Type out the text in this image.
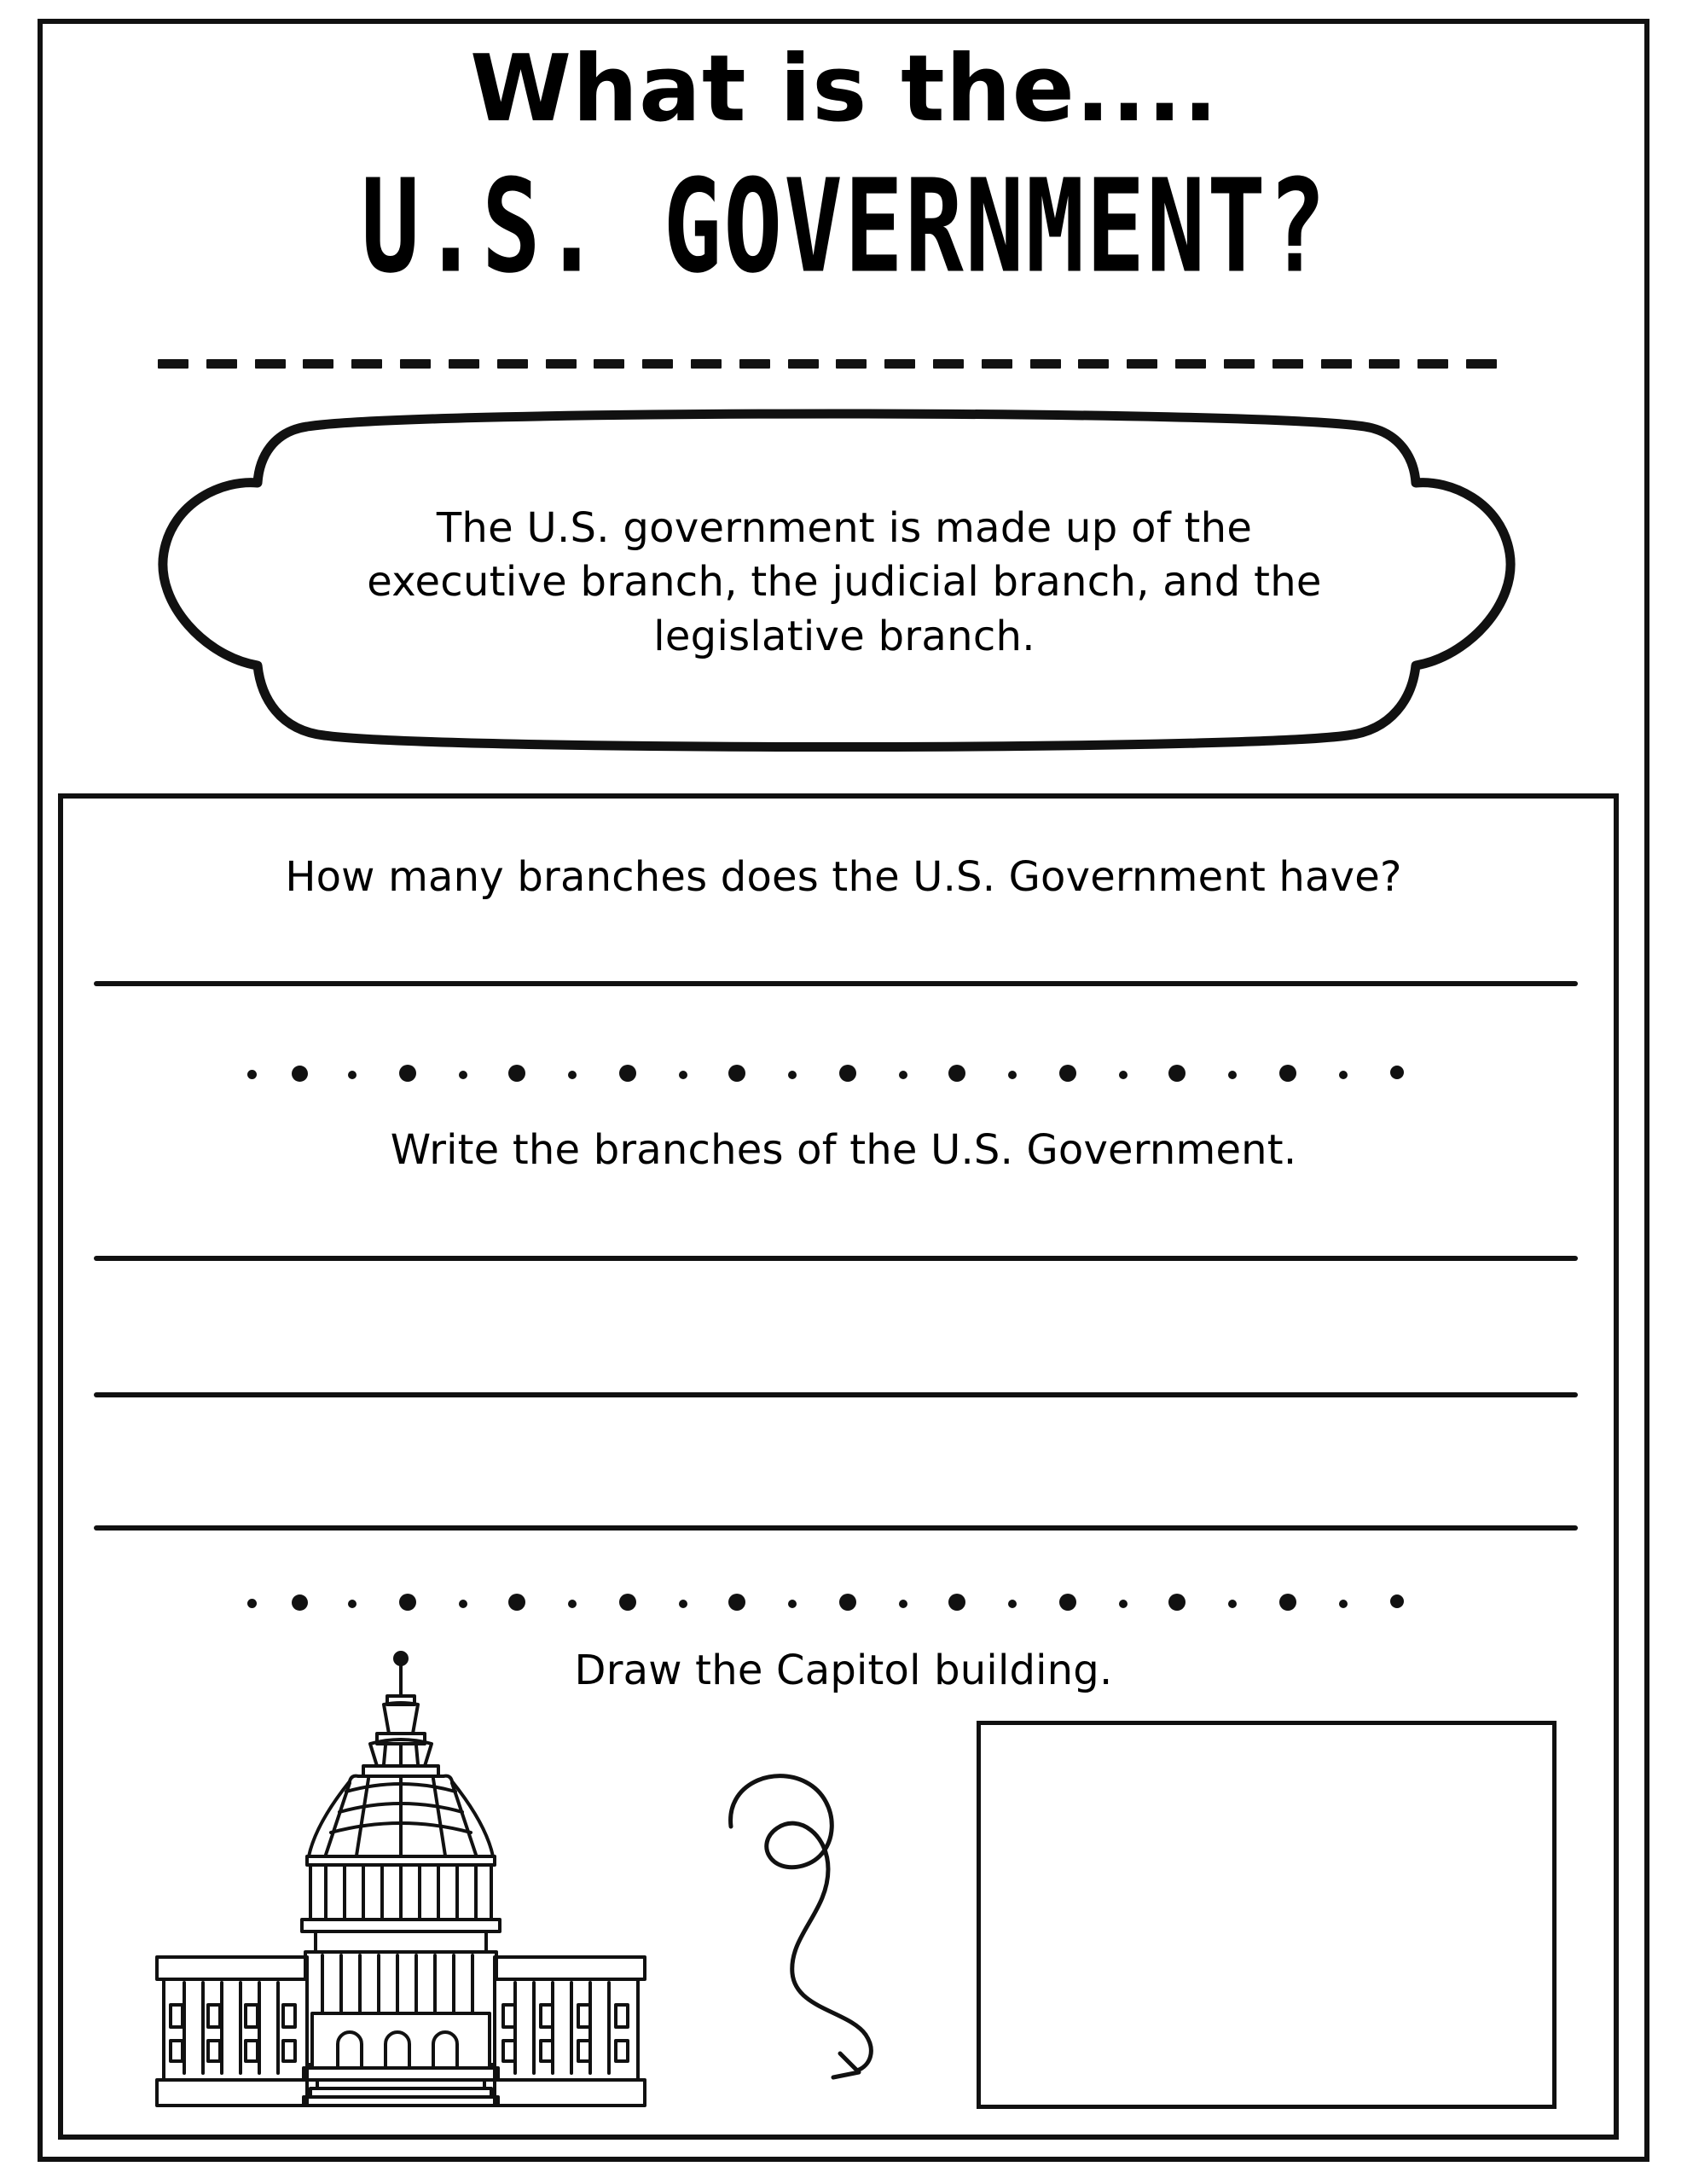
What is the....
U.S. GOVERNMENT?
The U.S. government is made up of the executive branch, the judicial branch, and the legislative branch.
How many branches does the U.S. Government have?
Write the branches of the U.S. Government.
Draw the Capitol building.
